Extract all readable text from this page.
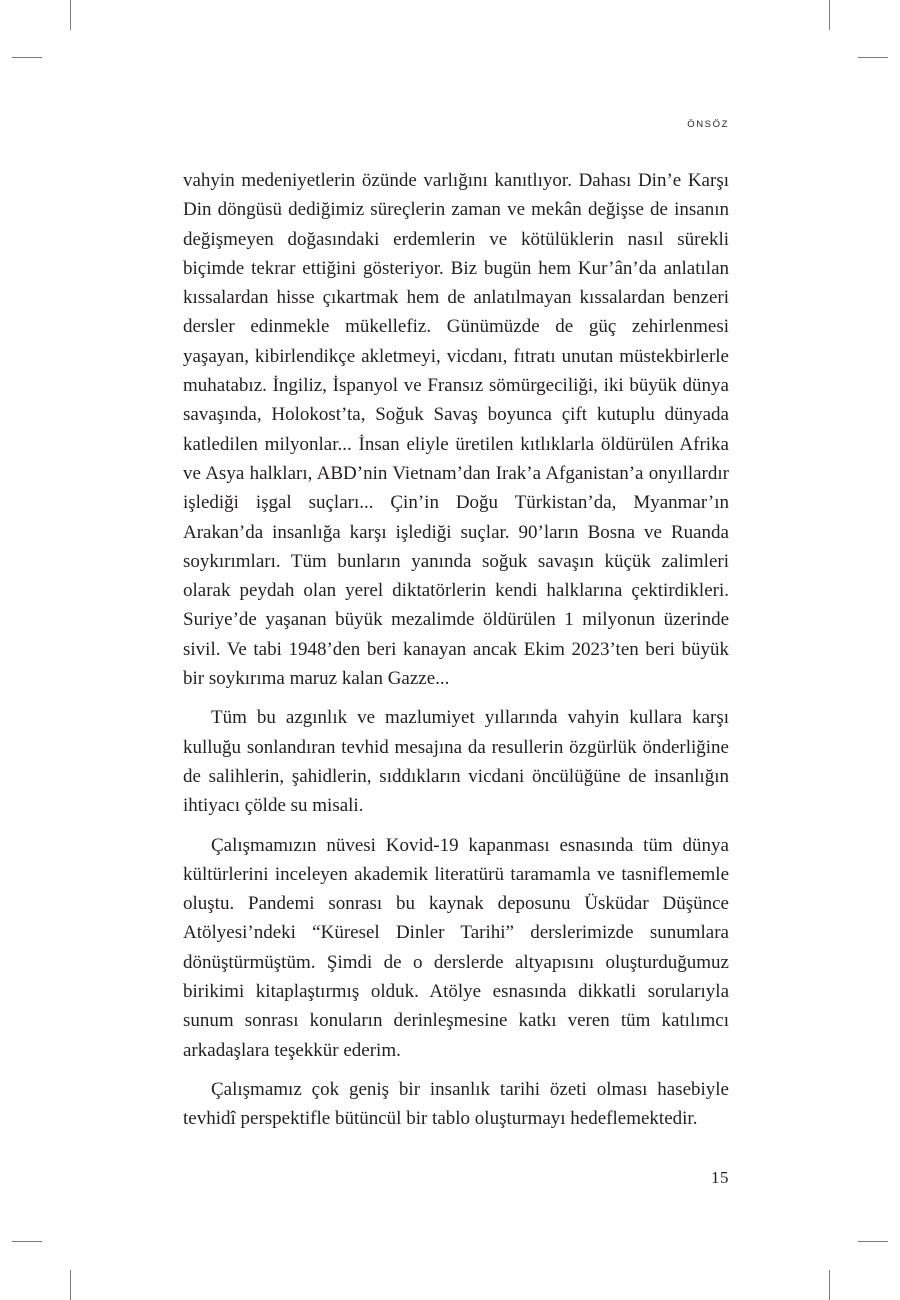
ÖNSÖZ

vahyin medeniyetlerin özünde varlığını kanıtlıyor. Dahası Din’e Karşı Din döngüsü dediğimiz süreçlerin zaman ve mekân değişse de insanın değişmeyen doğasındaki erdemlerin ve kötülüklerin nasıl sürekli biçimde tekrar ettiğini gösteriyor. Biz bugün hem Kur’ân’da anlatılan kıssalardan hisse çıkartmak hem de anlatılmayan kıssalardan benzeri dersler edinmekle mükellefiz. Günümüzde de güç zehirlenmesi yaşayan, kibirlendikçe akletmeyi, vicdanı, fıtratı unutan müstekbirlerle muhatabız. İngiliz, İspanyol ve Fransız sömürgeciliği, iki büyük dünya savaşında, Holokost’ta, Soğuk Savaş boyunca çift kutuplu dünyada katledilen milyonlar... İnsan eliyle üretilen kıtlıklarla öldürülen Afrika ve Asya halkları, ABD’nin Vietnam’dan Irak’a Afganistan’a onyıllardır işlediği işgal suçları... Çin’in Doğu Türkistan’da, Myanmar’ın Arakan’da insanlığa karşı işlediği suçlar. 90’ların Bosna ve Ruanda soykırımları. Tüm bunların yanında soğuk savaşın küçük zalimleri olarak peydah olan yerel diktatörlerin kendi halklarına çektirdikleri. Suriye’de yaşanan büyük mezalimde öldürülen 1 milyonun üzerinde sivil. Ve tabi 1948’den beri kanayan ancak Ekim 2023’ten beri büyük bir soykırıma maruz kalan Gazze...

Tüm bu azgınlık ve mazlumiyet yıllarında vahyin kullara karşı kulluğu sonlandıran tevhid mesajına da resullerin özgürlük önderliğine de salihlerin, şahidlerin, sıddıkların vicdani öncülüğüne de insanlığın ihtiyacı çölde su misali.

Çalışmamızın nüvesi Kovid-19 kapanması esnasında tüm dünya kültürlerini inceleyen akademik literatürü taramamla ve tasniflememle oluştu. Pandemi sonrası bu kaynak deposunu Üsküdar Düşünce Atölyesi’ndeki “Küresel Dinler Tarihi” derslerimizde sunumlara dönüştürmüştüm. Şimdi de o derslerde altyapısını oluşturduğumuz birikimi kitaplaştırmış olduk. Atölye esnasında dikkatli sorularıyla sunum sonrası konuların derinleşmesine katkı veren tüm katılımcı arkadaşlara teşekkür ederim.

Çalışmamız çok geniş bir insanlık tarihi özeti olması hasebiyle tevhidî perspektifle bütüncül bir tablo oluşturmayı hedeflemektedir.

15
